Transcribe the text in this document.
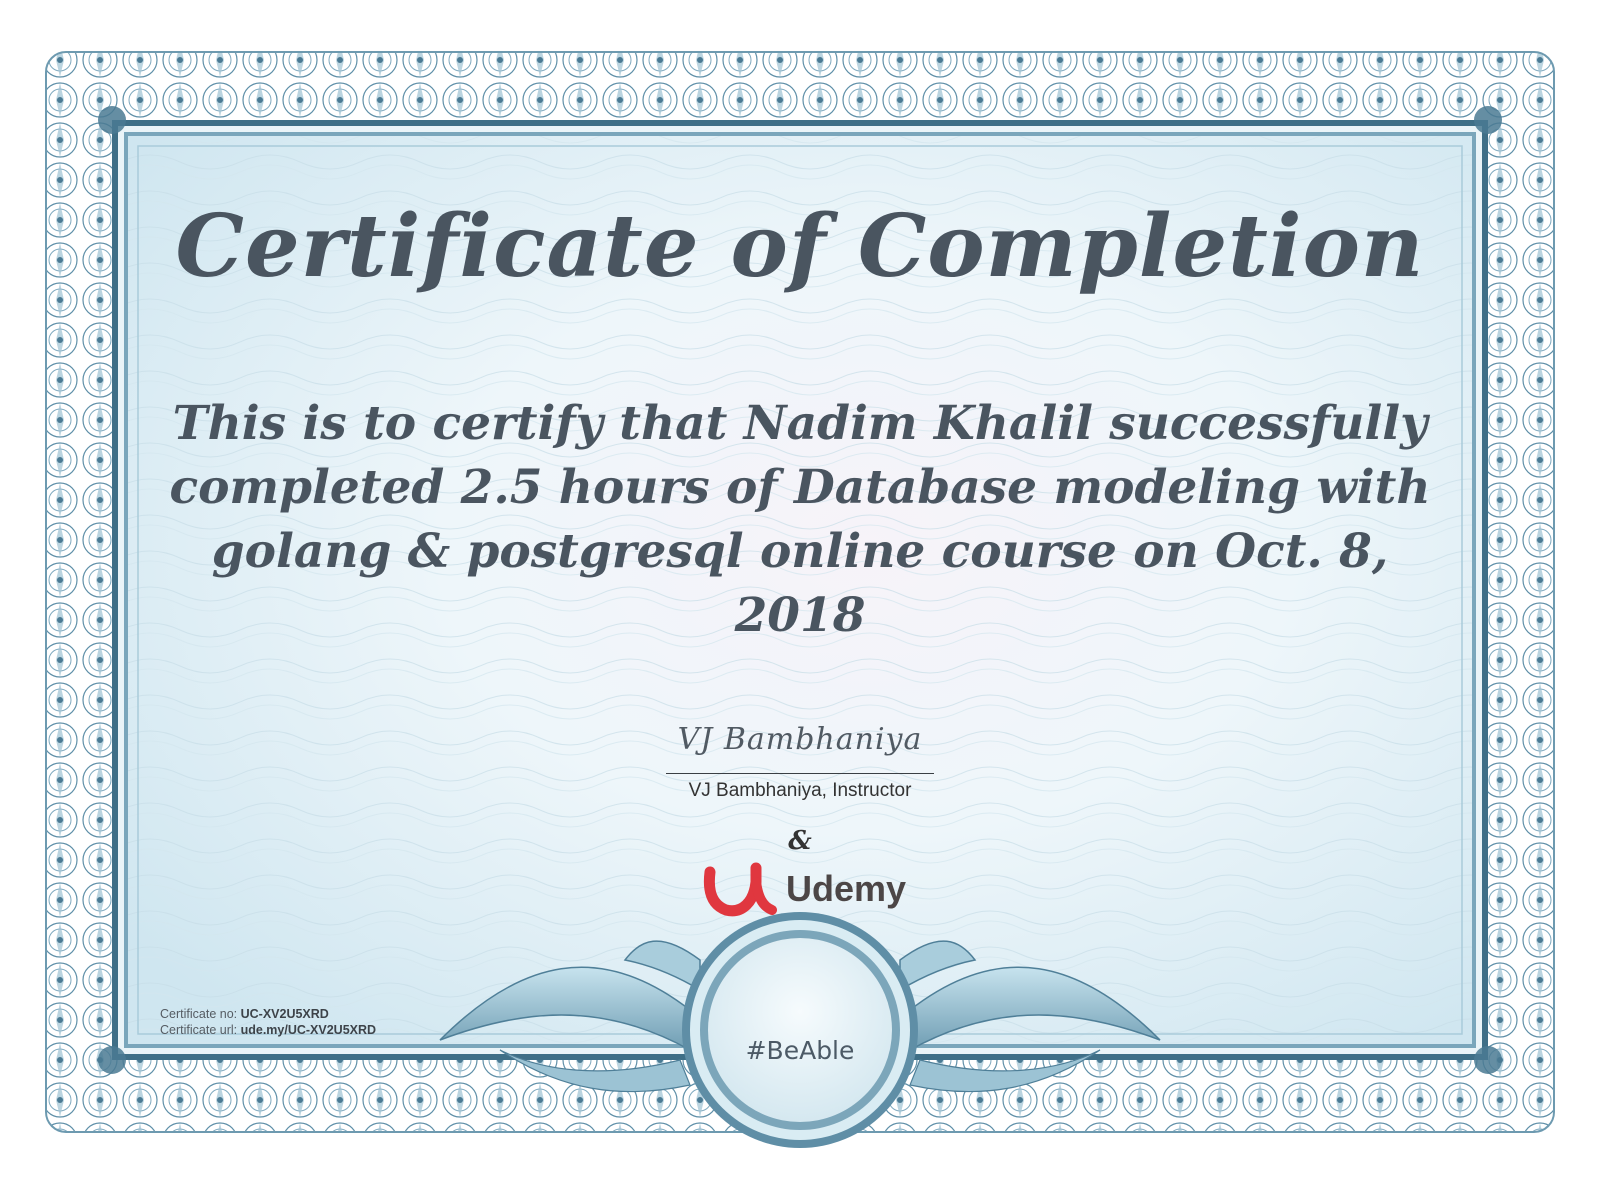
Certificate of Completion

This is to certify that Nadim Khalil successfully completed 2.5 hours of Database modeling with golang & postgresql online course on Oct. 8, 2018

VJ Bambhaniya
VJ Bambhaniya, Instructor
&
Udemy
Certificate no: UC-XV2U5XRD
Certificate url: ude.my/UC-XV2U5XRD
#BeAble
